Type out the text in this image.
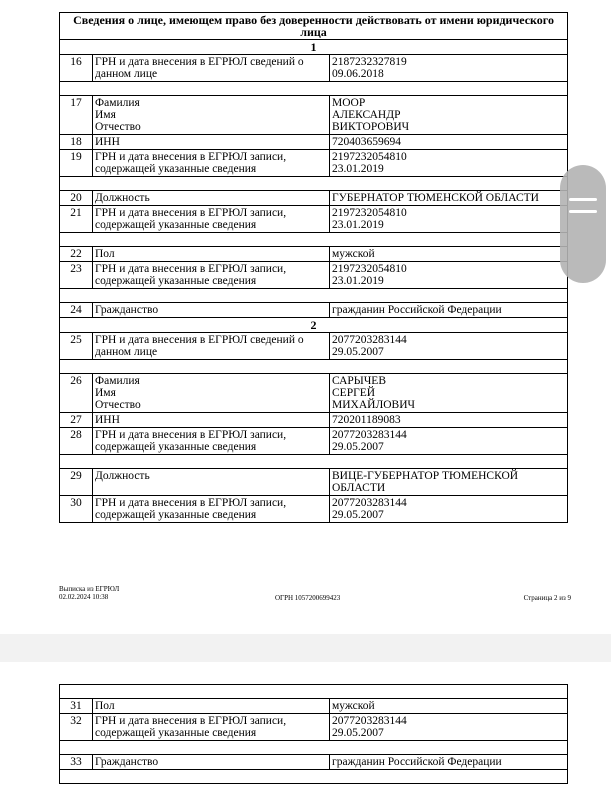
Сведения о лице, имеющем право без доверенности действовать от имени юридического лица		
1		
16	ГРН и дата внесения в ЕГРЮЛ сведений о
данном лице	2187232327819
09.06.2018

17	Фамилия
Имя
Отчество	МООР
АЛЕКСАНДР
ВИКТОРОВИЧ

18	ИНН	720403659694

19	ГРН и дата внесения в ЕГРЮЛ записи,
содержащей указанные сведения	2197232054810
23.01.2019

20	Должность	ГУБЕРНАТОР ТЮМЕНСКОЙ ОБЛАСТИ

21	ГРН и дата внесения в ЕГРЮЛ записи,
содержащей указанные сведения	2197232054810
23.01.2019

22	Пол	мужской

23	ГРН и дата внесения в ЕГРЮЛ записи,
содержащей указанные сведения	2197232054810
23.01.2019

24	Гражданство	гражданин Российской Федерации

2		
25	ГРН и дата внесения в ЕГРЮЛ сведений о
данном лице	2077203283144
29.05.2007

26	Фамилия
Имя
Отчество	САРЫЧЕВ
СЕРГЕЙ
МИХАЙЛОВИЧ

27	ИНН	720201189083

28	ГРН и дата внесения в ЕГРЮЛ записи,
содержащей указанные сведения	2077203283144
29.05.2007

29	Должность	ВИЦЕ-ГУБЕРНАТОР ТЮМЕНСКОЙ
ОБЛАСТИ

30	ГРН и дата внесения в ЕГРЮЛ записи,
содержащей указанные сведения	2077203283144
29.05.2007
Выписка из ЕГРЮЛ
02.02.2024 10:38	ОГРН 1057200699423	Страница 2 из 9

31	Пол	мужской

32	ГРН и дата внесения в ЕГРЮЛ записи,
содержащей указанные сведения	2077203283144
29.05.2007

33	Гражданство	гражданин Российской Федерации
